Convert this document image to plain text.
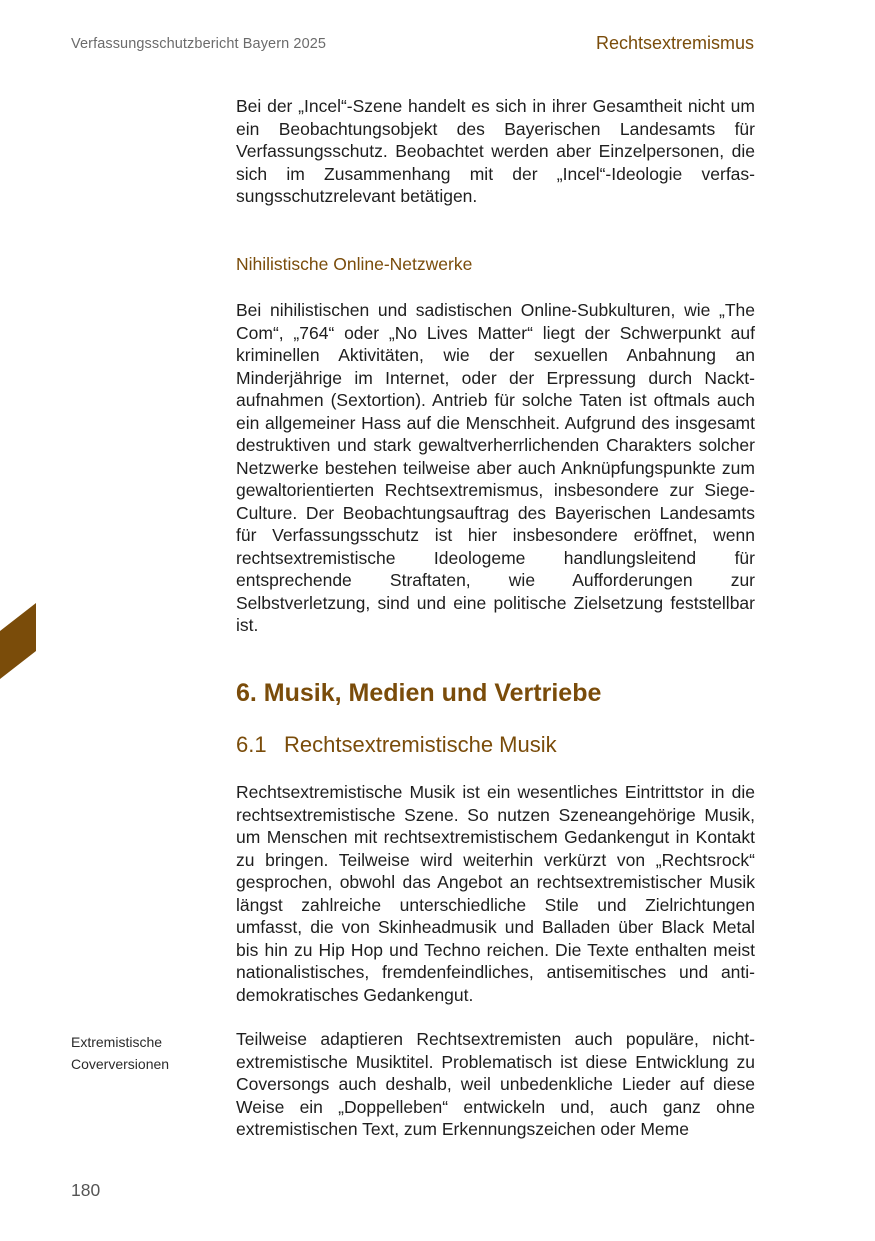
Verfassungsschutzbericht Bayern 2025	Rechtsextremismus

Bei der „Incel“-Szene handelt es sich in ihrer Gesamtheit nicht um ein Beobachtungsobjekt des Bayerischen Landesamts für Verfassungsschutz. Beobachtet werden aber Einzelpersonen, die sich im Zusammenhang mit der „Incel“-Ideologie verfassungsschutzrelevant betätigen.

Nihilistische Online-Netzwerke

Bei nihilistischen und sadistischen Online-Subkulturen, wie „The Com“, „764“ oder „No Lives Matter“ liegt der Schwerpunkt auf kriminellen Aktivitäten, wie der sexuellen Anbahnung an Minderjährige im Internet, oder der Erpressung durch Nacktaufnahmen (Sextortion). Antrieb für solche Taten ist oftmals auch ein allgemeiner Hass auf die Menschheit. Aufgrund des insgesamt destruktiven und stark gewaltverherrlichenden Charakters solcher Netzwerke bestehen teilweise aber auch Anknüpfungspunkte zum gewaltorientierten Rechtsextremismus, insbesondere zur Siege-Culture. Der Beobachtungsauftrag des Bayerischen Landesamts für Verfassungsschutz ist hier insbesondere eröffnet, wenn rechtsextremistische Ideologeme handlungsleitend für entsprechende Straftaten, wie Aufforderungen zur Selbstverletzung, sind und eine politische Zielsetzung feststellbar ist.

6. Musik, Medien und Vertriebe
6.1 Rechtsextremistische Musik

Rechtsextremistische Musik ist ein wesentliches Eintrittstor in die rechtsextremistische Szene. So nutzen Szeneangehörige Musik, um Menschen mit rechtsextremistischem Gedankengut in Kontakt zu bringen. Teilweise wird weiterhin verkürzt von „Rechtsrock“ gesprochen, obwohl das Angebot an rechtsextremistischer Musik längst zahlreiche unterschiedliche Stile und Zielrichtungen umfasst, die von Skinheadmusik und Balladen über Black Metal bis hin zu Hip Hop und Techno reichen. Die Texte enthalten meist nationalistisches, fremdenfeindliches, antisemitisches und anti-demokratisches Gedankengut.

Extremistische
Coverversionen

Teilweise adaptieren Rechtsextremisten auch populäre, nicht-extremistische Musiktitel. Problematisch ist diese Entwicklung zu Coversongs auch deshalb, weil unbedenkliche Lieder auf diese Weise ein „Doppelleben“ entwickeln und, auch ganz ohne extremistischen Text, zum Erkennungszeichen oder Meme

180
